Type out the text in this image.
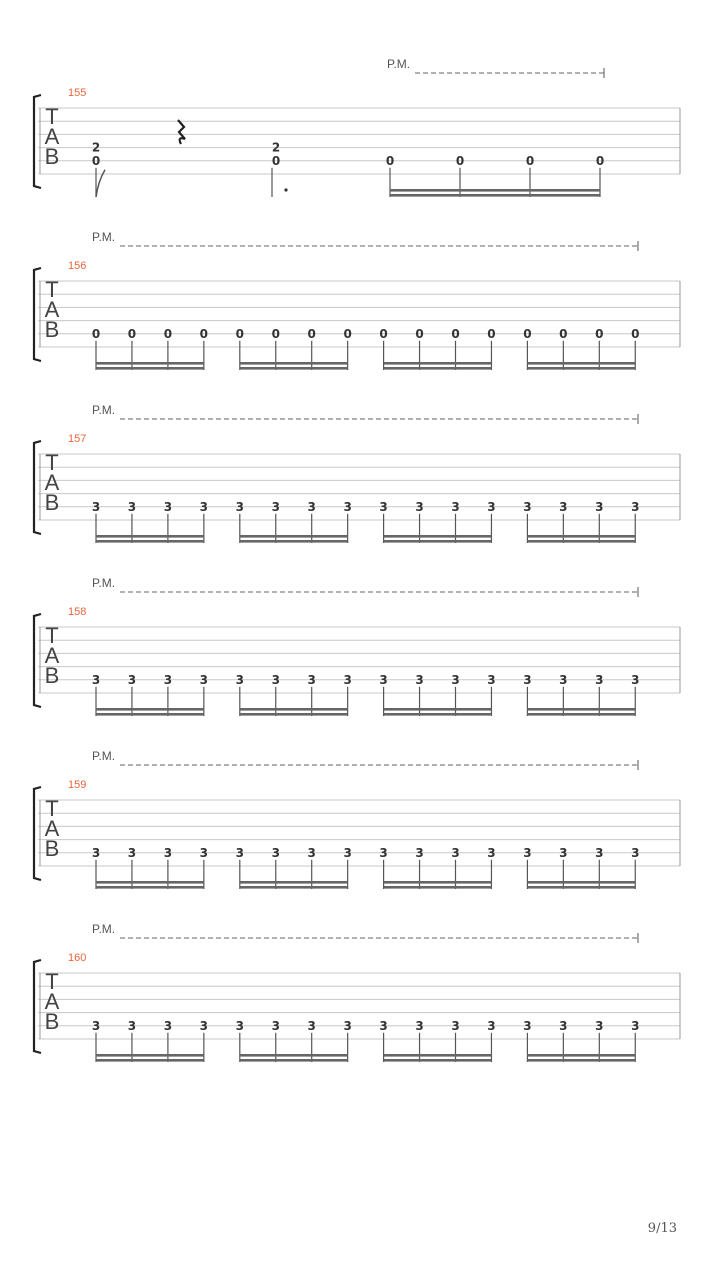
T
A
B
155
P.M.
2
0
2
0	0	0	0	0
T
A
B
156
P.M.
0 0 0 0 0 0 0 0 0 0 0 0 0 0 0 0
T
A
B
157
P.M.
3 3 3 3 3 3 3 3 3 3 3 3 3 3 3 3
T
A
B
158
P.M.
3 3 3 3 3 3 3 3 3 3 3 3 3 3 3 3
T
A
B
159
P.M.
3 3 3 3 3 3 3 3 3 3 3 3 3 3 3 3
T
A
B
160
P.M.
3 3 3 3 3 3 3 3 3 3 3 3 3 3 3 3
9/13
